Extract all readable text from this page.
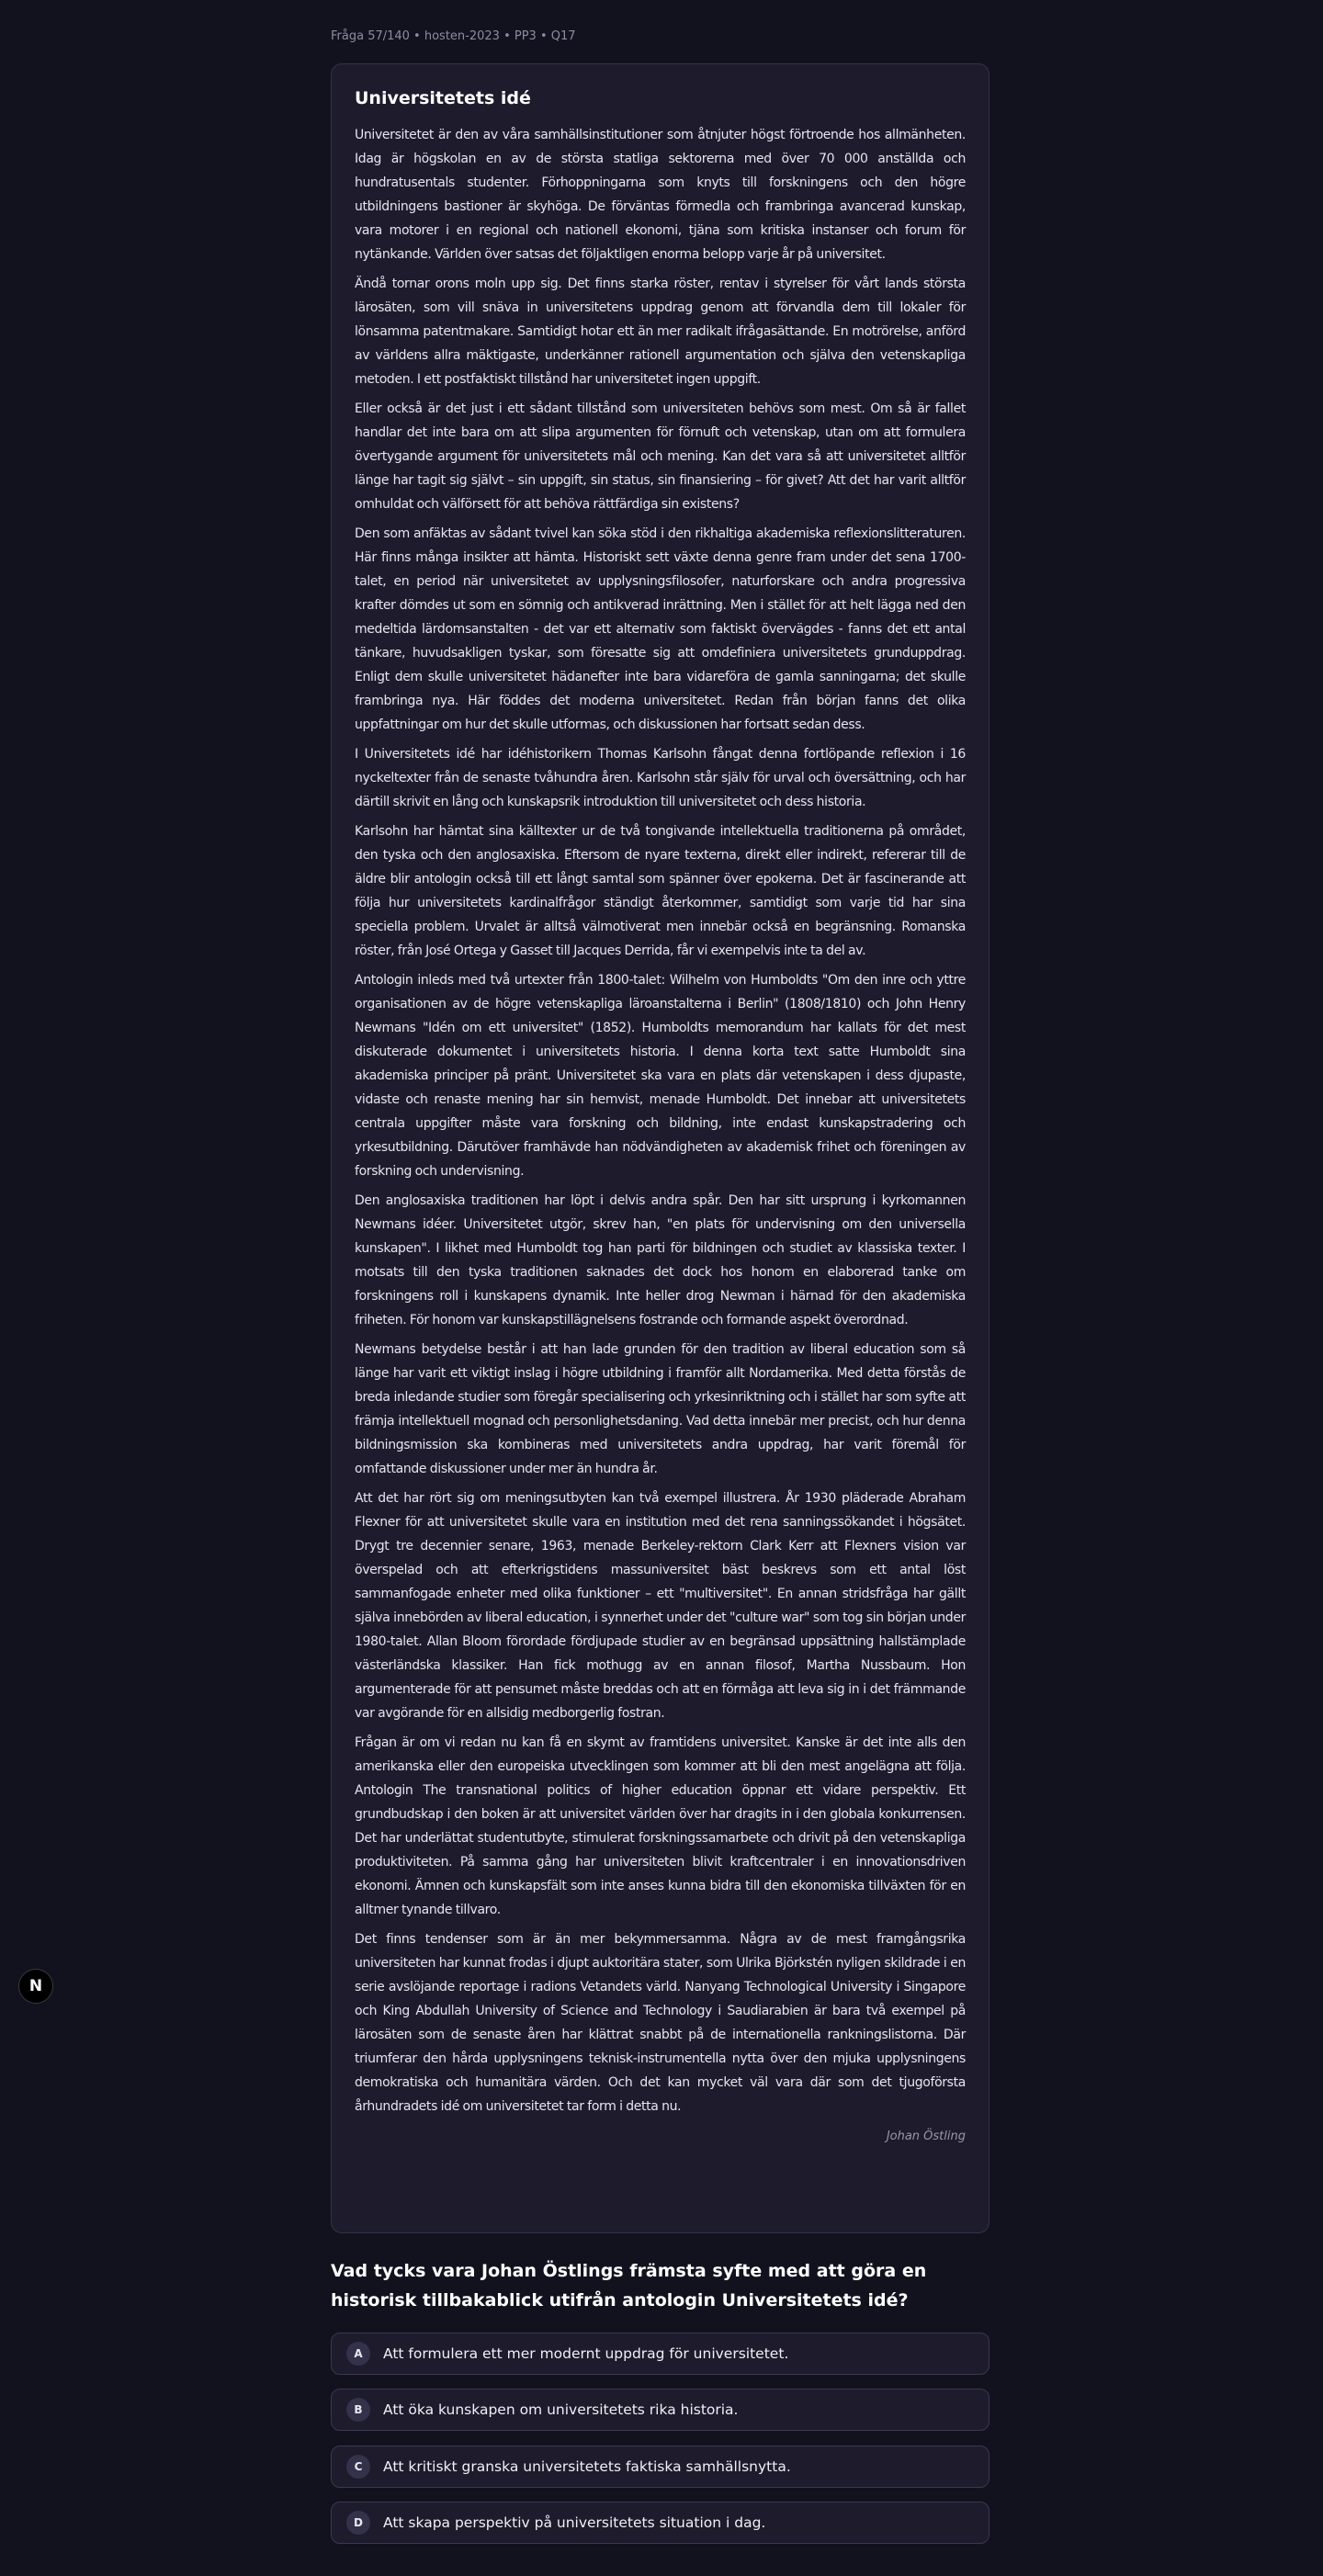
N
Fråga 57/140 • hosten-2023 • PP3 • Q17
Universitetets idé

Universitetet är den av våra samhällsinstitutioner som åtnjuter högst förtroende hos allmänheten. Idag är högskolan en av de största statliga sektorerna med över 70 000 anställda och hundratusentals studenter. Förhoppningarna som knyts till forskningens och den högre utbildningens bastioner är skyhöga. De förväntas förmedla och frambringa avancerad kunskap, vara motorer i en regional och nationell ekonomi, tjäna som kritiska instanser och forum för nytänkande. Världen över satsas det följaktligen enorma belopp varje år på universitet.

Ändå tornar orons moln upp sig. Det finns starka röster, rentav i styrelser för vårt lands största lärosäten, som vill snäva in universitetens uppdrag genom att förvandla dem till lokaler för lönsamma patentmakare. Samtidigt hotar ett än mer radikalt ifrågasättande. En motrörelse, anförd av världens allra mäktigaste, underkänner rationell argumentation och själva den vetenskapliga metoden. I ett postfaktiskt tillstånd har universitetet ingen uppgift.

Eller också är det just i ett sådant tillstånd som universiteten behövs som mest. Om så är fallet handlar det inte bara om att slipa argumenten för förnuft och vetenskap, utan om att formulera övertygande argument för universitetets mål och mening. Kan det vara så att universitetet alltför länge har tagit sig självt – sin uppgift, sin status, sin finansiering – för givet? Att det har varit alltför omhuldat och välförsett för att behöva rättfärdiga sin existens?

Den som anfäktas av sådant tvivel kan söka stöd i den rikhaltiga akademiska reflexionslitteraturen. Här finns många insikter att hämta. Historiskt sett växte denna genre fram under det sena 1700-talet, en period när universitetet av upplysningsfilosofer, naturforskare och andra progressiva krafter dömdes ut som en sömnig och antikverad inrättning. Men i stället för att helt lägga ned den medeltida lärdomsanstalten - det var ett alternativ som faktiskt övervägdes - fanns det ett antal tänkare, huvudsakligen tyskar, som föresatte sig att omdefiniera universitetets grunduppdrag. Enligt dem skulle universitetet hädanefter inte bara vidareföra de gamla sanningarna; det skulle frambringa nya. Här föddes det moderna universitetet. Redan från början fanns det olika uppfattningar om hur det skulle utformas, och diskussionen har fortsatt sedan dess.

I Universitetets idé har idéhistorikern Thomas Karlsohn fångat denna fortlöpande reflexion i 16 nyckeltexter från de senaste tvåhundra åren. Karlsohn står själv för urval och översättning, och har därtill skrivit en lång och kunskapsrik introduktion till universitetet och dess historia.

Karlsohn har hämtat sina källtexter ur de två tongivande intellektuella traditionerna på området, den tyska och den anglosaxiska. Eftersom de nyare texterna, direkt eller indirekt, refererar till de äldre blir antologin också till ett långt samtal som spänner över epokerna. Det är fascinerande att följa hur universitetets kardinalfrågor ständigt återkommer, samtidigt som varje tid har sina speciella problem. Urvalet är alltså välmotiverat men innebär också en begränsning. Romanska röster, från José Ortega y Gasset till Jacques Derrida, får vi exempelvis inte ta del av.

Antologin inleds med två urtexter från 1800-talet: Wilhelm von Humboldts "Om den inre och yttre organisationen av de högre vetenskapliga läroanstalterna i Berlin" (1808/1810) och John Henry Newmans "Idén om ett universitet" (1852). Humboldts memorandum har kallats för det mest diskuterade dokumentet i universitetets historia. I denna korta text satte Humboldt sina akademiska principer på pränt. Universitetet ska vara en plats där vetenskapen i dess djupaste, vidaste och renaste mening har sin hemvist, menade Humboldt. Det innebar att universitetets centrala uppgifter måste vara forskning och bildning, inte endast kunskapstradering och yrkesutbildning. Därutöver framhävde han nödvändigheten av akademisk frihet och föreningen av forskning och undervisning.

Den anglosaxiska traditionen har löpt i delvis andra spår. Den har sitt ursprung i kyrkomannen Newmans idéer. Universitetet utgör, skrev han, "en plats för undervisning om den universella kunskapen". I likhet med Humboldt tog han parti för bildningen och studiet av klassiska texter. I motsats till den tyska traditionen saknades det dock hos honom en elaborerad tanke om forskningens roll i kunskapens dynamik. Inte heller drog Newman i härnad för den akademiska friheten. För honom var kunskapstillägnelsens fostrande och formande aspekt överordnad.

Newmans betydelse består i att han lade grunden för den tradition av liberal education som så länge har varit ett viktigt inslag i högre utbildning i framför allt Nordamerika. Med detta förstås de breda inledande studier som föregår specialisering och yrkesinriktning och i stället har som syfte att främja intellektuell mognad och personlighetsdaning. Vad detta innebär mer precist, och hur denna bildningsmission ska kombineras med universitetets andra uppdrag, har varit föremål för omfattande diskussioner under mer än hundra år.

Att det har rört sig om meningsutbyten kan två exempel illustrera. År 1930 pläderade Abraham Flexner för att universitetet skulle vara en institution med det rena sanningssökandet i högsätet. Drygt tre decennier senare, 1963, menade Berkeley-rektorn Clark Kerr att Flexners vision var överspelad och att efterkrigstidens massuniversitet bäst beskrevs som ett antal löst sammanfogade enheter med olika funktioner – ett "multiversitet". En annan stridsfråga har gällt själva innebörden av liberal education, i synnerhet under det "culture war" som tog sin början under 1980-talet. Allan Bloom förordade fördjupade studier av en begränsad uppsättning hallstämplade västerländska klassiker. Han fick mothugg av en annan filosof, Martha Nussbaum. Hon argumenterade för att pensumet måste breddas och att en förmåga att leva sig in i det främmande var avgörande för en allsidig medborgerlig fostran.

Frågan är om vi redan nu kan få en skymt av framtidens universitet. Kanske är det inte alls den amerikanska eller den europeiska utvecklingen som kommer att bli den mest angelägna att följa. Antologin The transnational politics of higher education öppnar ett vidare perspektiv. Ett grundbudskap i den boken är att universitet världen över har dragits in i den globala konkurrensen. Det har underlättat studentutbyte, stimulerat forskningssamarbete och drivit på den vetenskapliga produktiviteten. På samma gång har universiteten blivit kraftcentraler i en innovationsdriven ekonomi. Ämnen och kunskapsfält som inte anses kunna bidra till den ekonomiska tillväxten för en alltmer tynande tillvaro.

Det finns tendenser som är än mer bekymmersamma. Några av de mest framgångsrika universiteten har kunnat frodas i djupt auktoritära stater, som Ulrika Björkstén nyligen skildrade i en serie avslöjande reportage i radions Vetandets värld. Nanyang Technological University i Singapore och King Abdullah University of Science and Technology i Saudiarabien är bara två exempel på lärosäten som de senaste åren har klättrat snabbt på de internationella rankningslistorna. Där triumferar den hårda upplysningens teknisk-instrumentella nytta över den mjuka upplysningens demokratiska och humanitära värden. Och det kan mycket väl vara där som det tjugoförsta århundradets idé om universitetet tar form i detta nu.

Johan Östling
Vad tycks vara Johan Östlings främsta syfte med att göra en historisk tillbakablick utifrån antologin Universitetets idé?
A	Att formulera ett mer modernt uppdrag för universitetet.
B	Att öka kunskapen om universitetets rika historia.
C	Att kritiskt granska universitetets faktiska samhällsnytta.
D	Att skapa perspektiv på universitetets situation i dag.
